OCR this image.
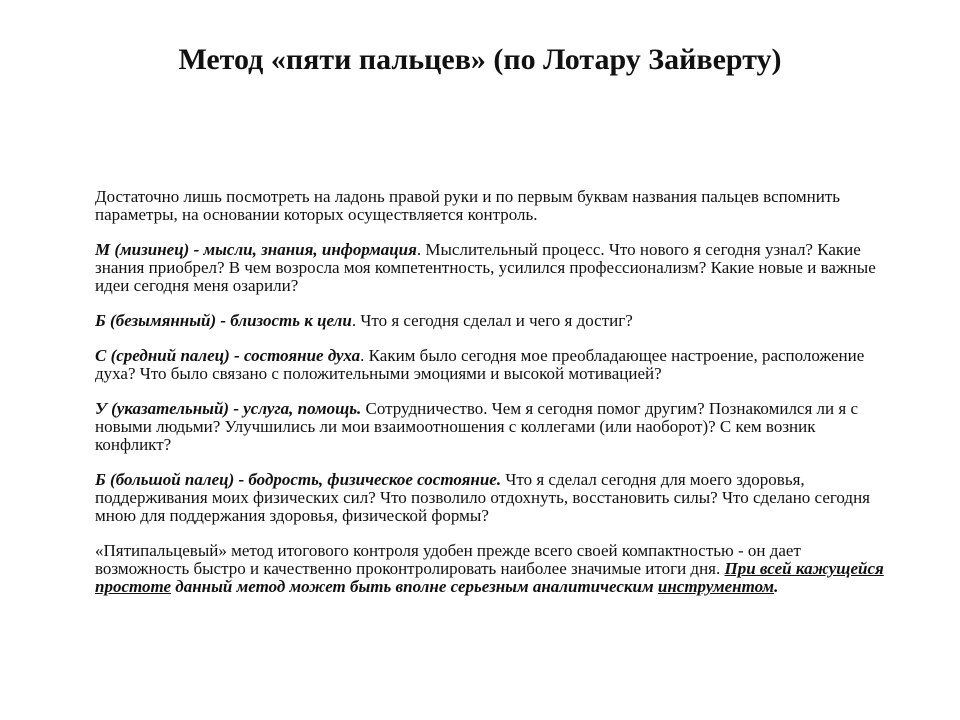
Метод «пяти пальцев» (по Лотару Зайверту)

Достаточно лишь посмотреть на ладонь правой руки и по первым буквам названия пальцев вспомнить параметры, на основании которых осуществляется контроль.

М (мизинец) - мысли, знания, информация. Мыслительный процесс. Что нового я сегодня узнал? Какие знания приобрел? В чем возросла моя компетентность, усилился профессионализм? Какие новые и важные идеи сегодня меня озарили?

Б (безымянный) - близость к цели. Что я сегодня сделал и чего я достиг?

С (средний палец) - состояние духа. Каким было сегодня мое преобладающее настроение, расположение духа? Что было связано с положительными эмоциями и высокой мотивацией?

У (указательный) - услуга, помощь. Сотрудничество. Чем я сегодня помог другим? Познакомился ли я с новыми людьми? Улучшились ли мои взаимоотношения с коллегами (или наоборот)? С кем возник конфликт?

Б (большой палец) - бодрость, физическое состояние. Что я сделал сегодня для моего здоровья, поддерживания моих физических сил? Что позволило отдохнуть, восстановить силы? Что сделано сегодня мною для поддержания здоровья, физической формы?

«Пятипальцевый» метод итогового контроля удобен прежде всего своей компактностью - он дает возможность быстро и качественно проконтролировать наиболее значимые итоги дня. При всей кажущейся простоте данный метод может быть вполне серьезным аналитическим инструментом.
